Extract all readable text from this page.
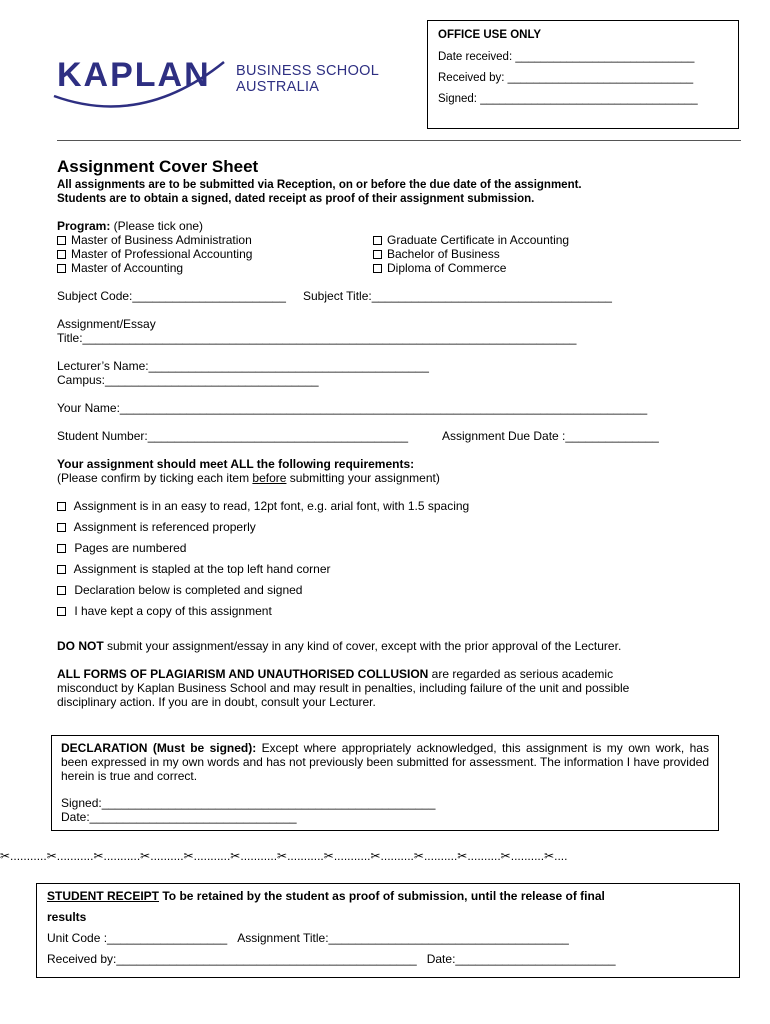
KAPLAN BUSINESS SCHOOL
AUSTRALIA
OFFICE USE ONLY
Date received: ____________________________
Received by: _____________________________
Signed: __________________________________
Assignment Cover Sheet
All assignments are to be submitted via Reception, on or before the due date of the assignment.
Students are to obtain a signed, dated receipt as proof of their assignment submission.
Program: (Please tick one)
Master of Business Administration
Master of Professional Accounting
Master of Accounting
Graduate Certificate in Accounting
Bachelor of Business
Diploma of Commerce
Subject Code:_______________________ Subject Title:____________________________________
Assignment/Essay
Title:__________________________________________________________________________
Lecturer’s Name:__________________________________________
Campus:________________________________
Your Name:_______________________________________________________________________________
Student Number:_______________________________________	Assignment Due Date :______________
Your assignment should meet ALL the following requirements:
(Please confirm by ticking each item before submitting your assignment)
Assignment is in an easy to read, 12pt font, e.g. arial font, with 1.5 spacing
Assignment is referenced properly
Pages are numbered
Assignment is stapled at the top left hand corner
Declaration below is completed and signed
I have kept a copy of this assignment
DO NOT submit your assignment/essay in any kind of cover, except with the prior approval of the Lecturer.
ALL FORMS OF PLAGIARISM AND UNAUTHORISED COLLUSION are regarded as serious academic
misconduct by Kaplan Business School and may result in penalties, including failure of the unit and possible
disciplinary action. If you are in doubt, consult your Lecturer.

DECLARATION (Must be signed): Except where appropriately acknowledged, this assignment is my own work, has been expressed in my own words and has not previously been submitted for assessment. The information I have provided herein is true and correct.

Signed:__________________________________________________
Date:_______________________________
✂...........✂...........✂...........✂..........✂...........✂...........✂...........✂...........✂..........✂..........✂..........✂..........✂....
STUDENT RECEIPT To be retained by the student as proof of submission, until the release of final
results
Unit Code :__________________ Assignment Title:____________________________________
Received by:_____________________________________________ Date:________________________
